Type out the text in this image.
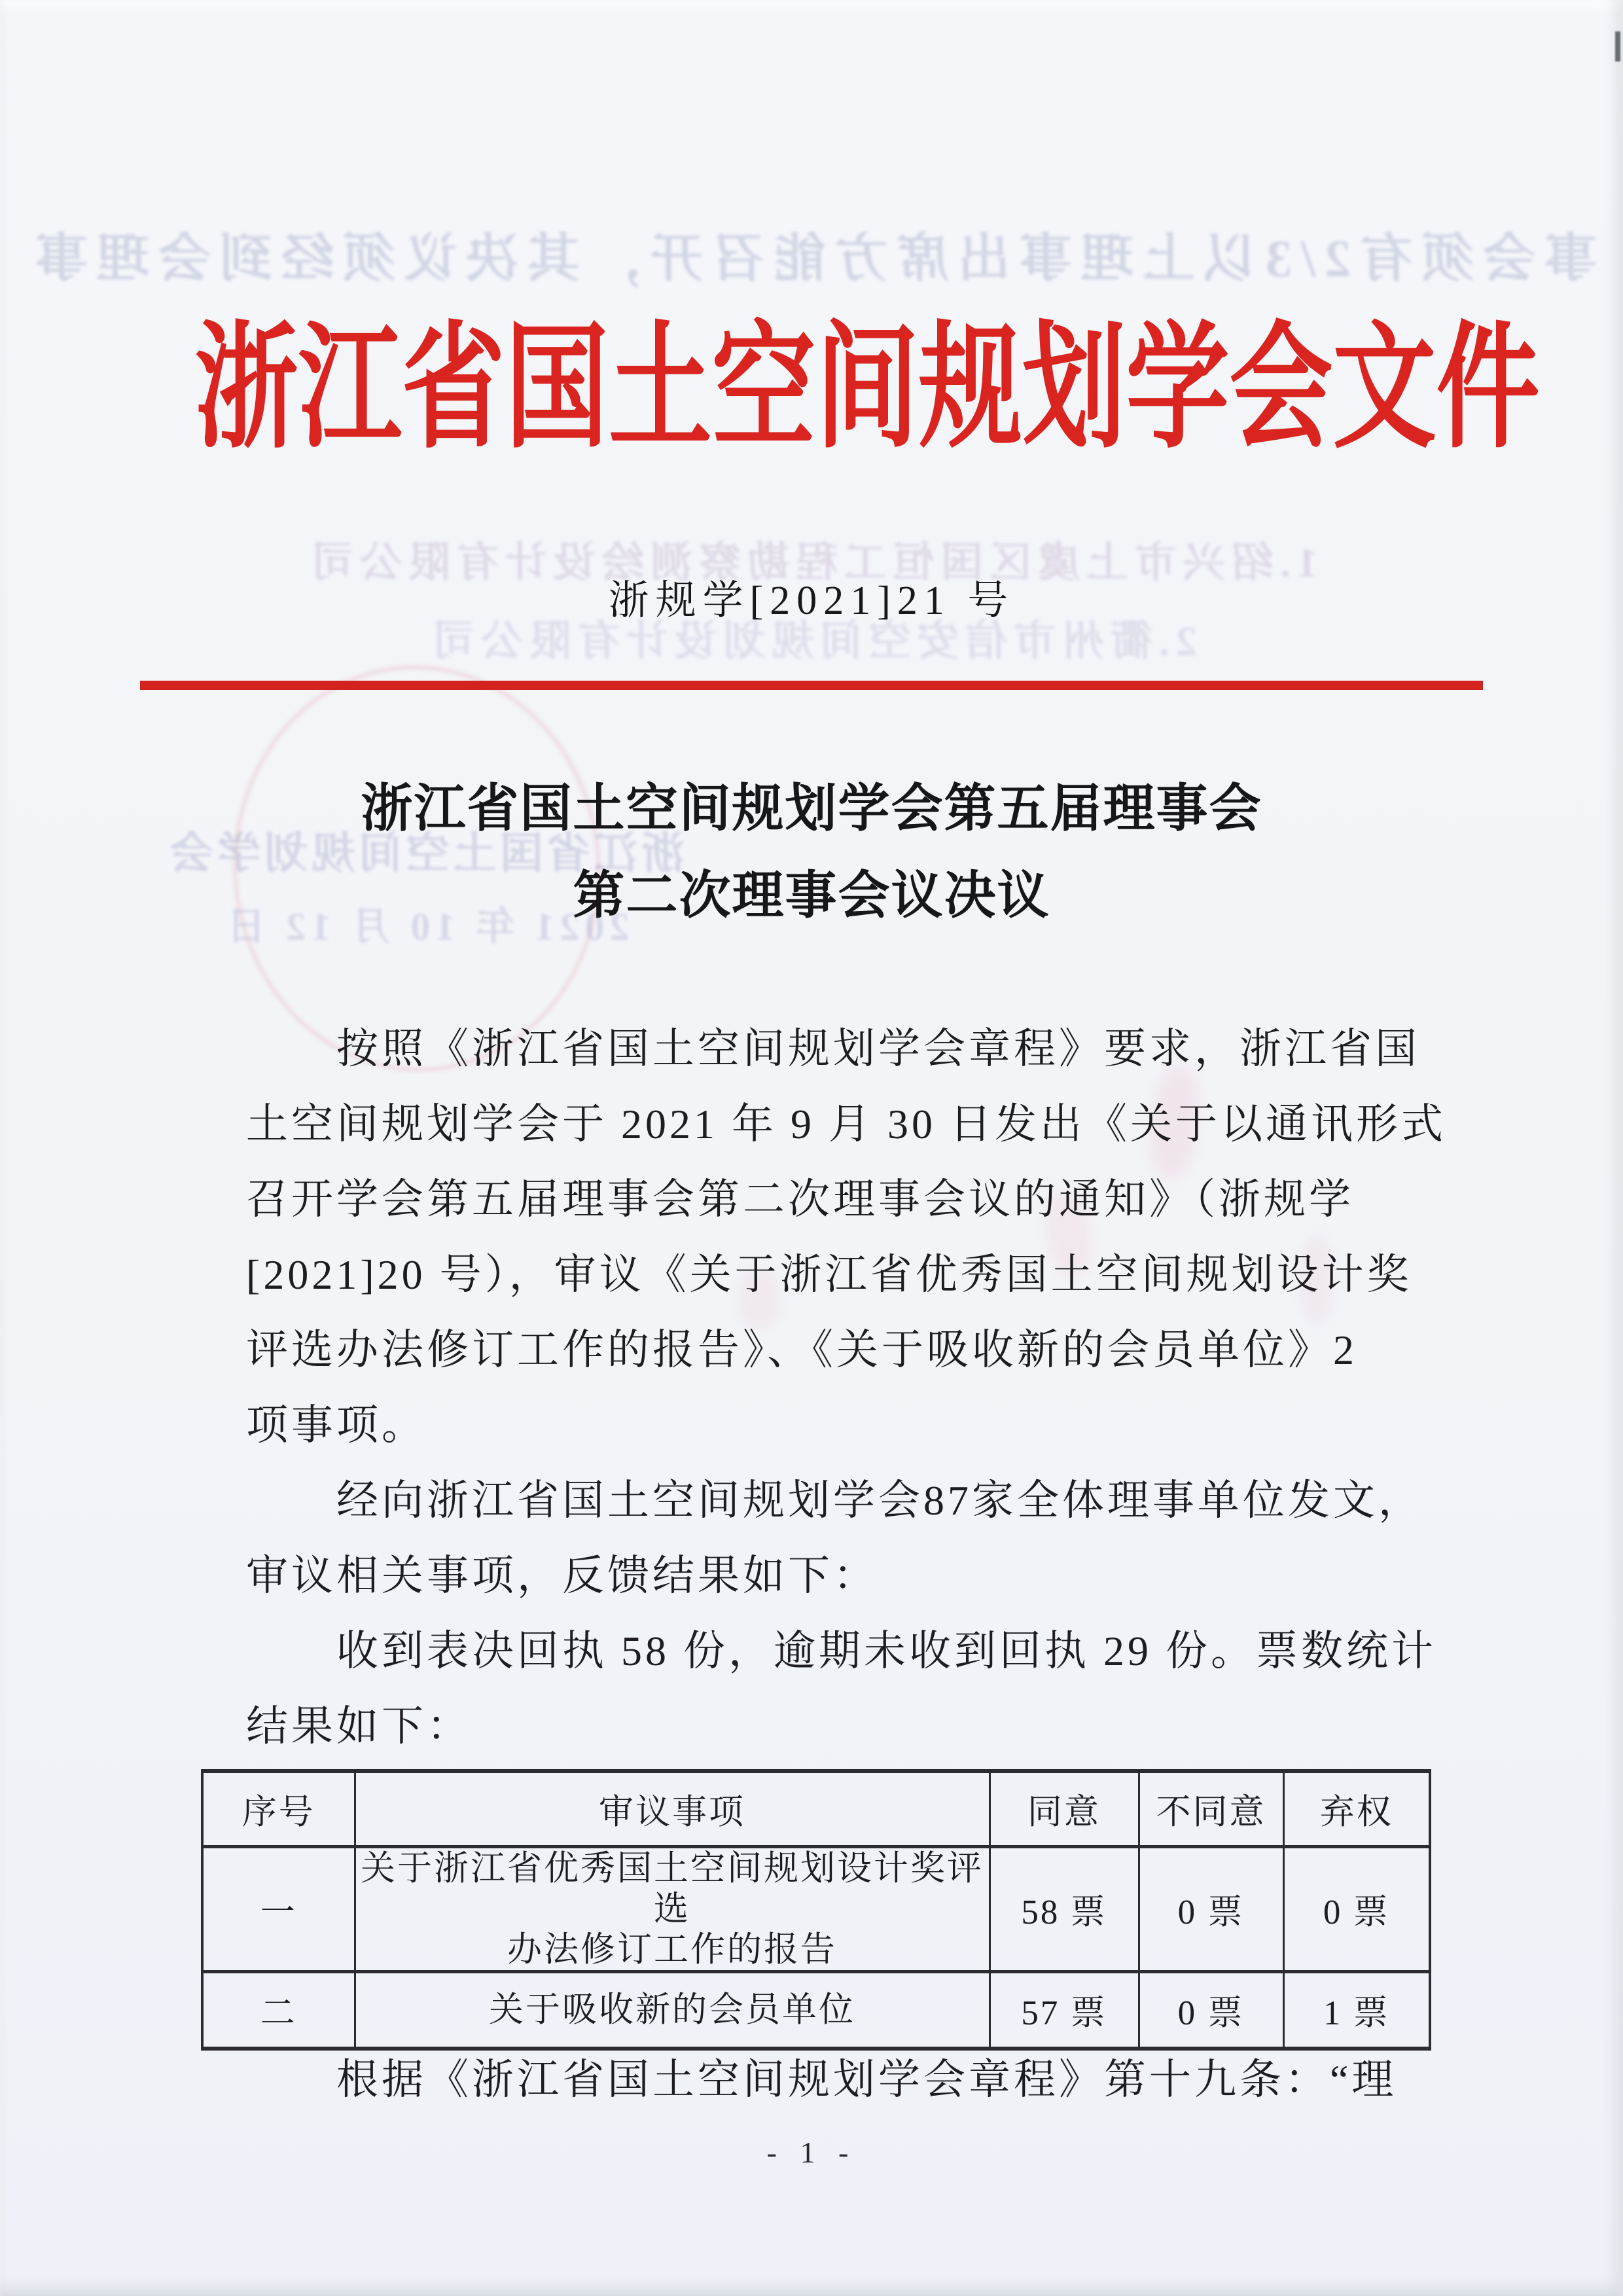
事会须有2/3以上理事出席方能召开，其决议须经到会理事
1.绍兴市上虞区国恒工程勘察测绘设计有限公司
2.衢州市信安空间规划设计有限公司
浙江省国土空间规划学会
2021 年 10 月 12 日
浙江省国土空间规划学会文件
浙规学[2021]21 号
浙江省国土空间规划学会第五届理事会
第二次理事会议决议
按照《浙江省国土空间规划学会章程》要求，浙江省国
土空间规划学会于 2021 年 9 月 30 日发出《关于以通讯形式
召开学会第五届理事会第二次理事会议的通知》（浙规学
[2021]20 号），审议《关于浙江省优秀国土空间规划设计奖
评选办法修订工作的报告》、《关于吸收新的会员单位》2
项事项。
经向浙江省国土空间规划学会87家全体理事单位发文，
审议相关事项，反馈结果如下：
收到表决回执 58 份，逾期未收到回执 29 份。票数统计
结果如下：
序号	审议事项	同意	不同意	弃权
一	关于浙江省优秀国土空间规划设计奖评选
办法修订工作的报告	58 票	0 票	0 票
二	关于吸收新的会员单位	57 票	0 票	1 票
根据《浙江省国土空间规划学会章程》第十九条：“理
- 1 -
